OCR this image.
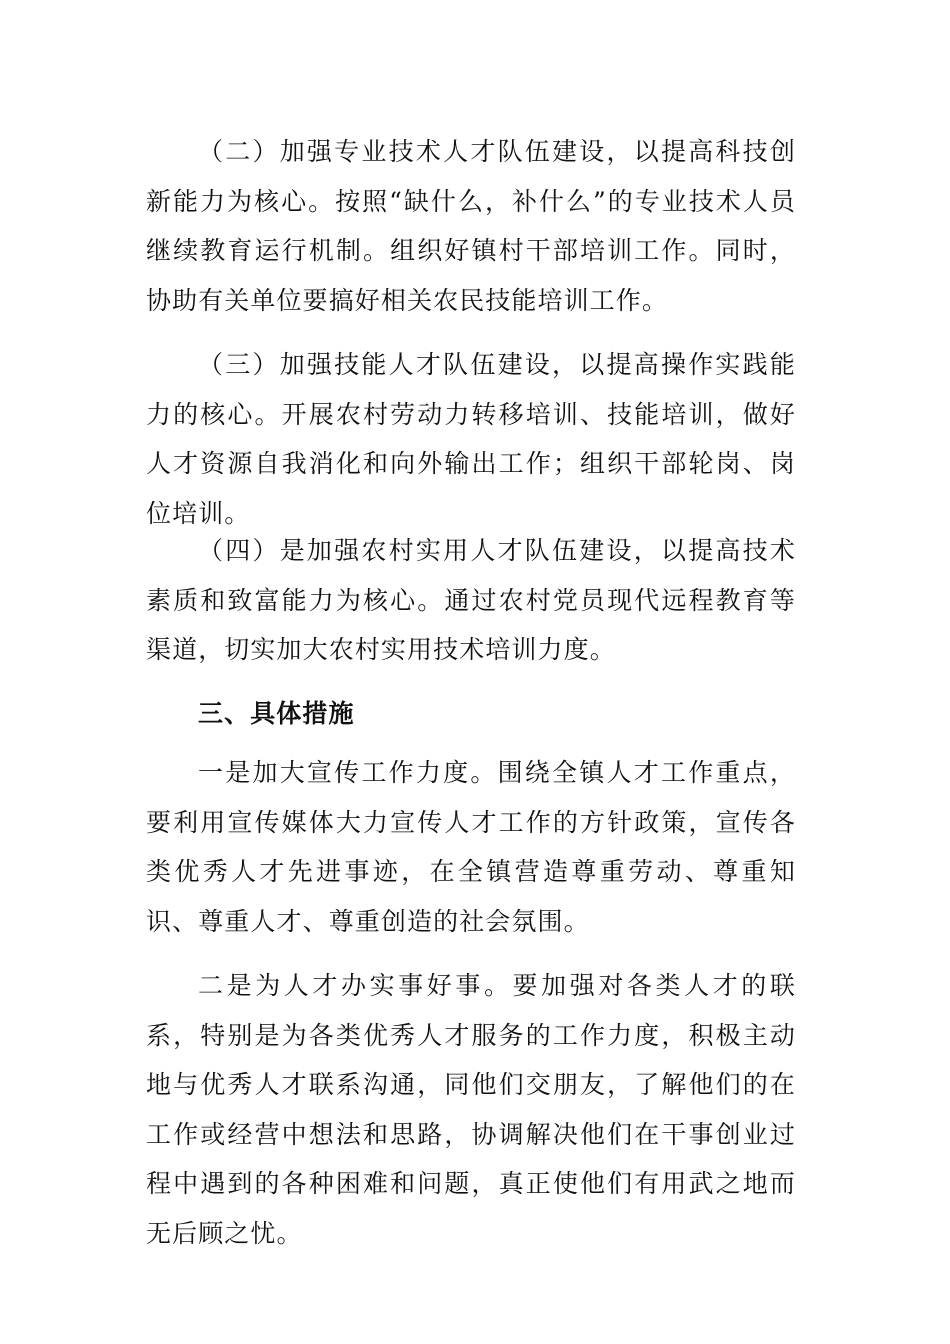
（二）加强专业技术人才队伍建设，以提高科技创新能力为核心。按照“缺什么，补什么”的专业技术人员继续教育运行机制。组织好镇村干部培训工作。同时，协助有关单位要搞好相关农民技能培训工作。

（三）加强技能人才队伍建设，以提高操作实践能力的核心。开展农村劳动力转移培训、技能培训，做好人才资源自我消化和向外输出工作；组织干部轮岗、岗位培训。

（四）是加强农村实用人才队伍建设，以提高技术素质和致富能力为核心。通过农村党员现代远程教育等渠道，切实加大农村实用技术培训力度。

三、具体措施

一是加大宣传工作力度。围绕全镇人才工作重点，要利用宣传媒体大力宣传人才工作的方针政策，宣传各类优秀人才先进事迹，在全镇营造尊重劳动、尊重知识、尊重人才、尊重创造的社会氛围。

二是为人才办实事好事。要加强对各类人才的联系，特别是为各类优秀人才服务的工作力度，积极主动地与优秀人才联系沟通，同他们交朋友，了解他们的在工作或经营中想法和思路，协调解决他们在干事创业过程中遇到的各种困难和问题，真正使他们有用武之地而无后顾之忧。
